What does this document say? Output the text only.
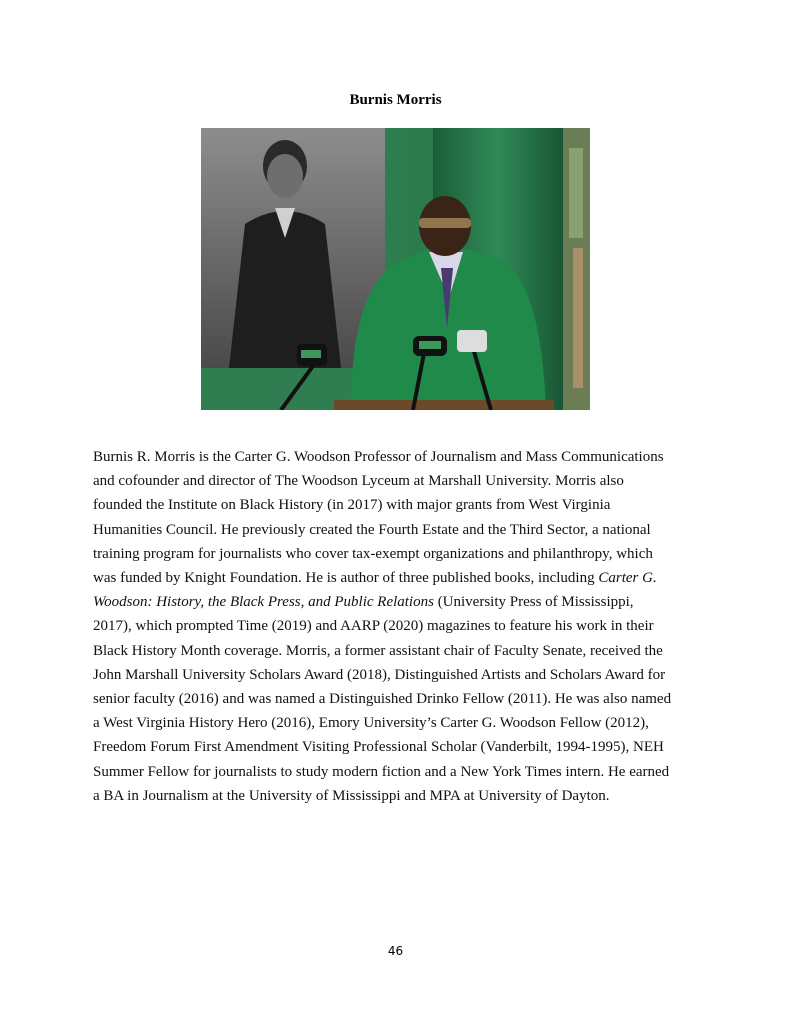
Burnis Morris
Burnis R. Morris is the Carter G. Woodson Professor of Journalism and Mass Communications
and cofounder and director of The Woodson Lyceum at Marshall University. Morris also
founded the Institute on Black History (in 2017) with major grants from West Virginia
Humanities Council. He previously created the Fourth Estate and the Third Sector, a national
training program for journalists who cover tax-exempt organizations and philanthropy, which
was funded by Knight Foundation. He is author of three published books, including Carter G.
Woodson: History, the Black Press, and Public Relations (University Press of Mississippi,
2017), which prompted Time (2019) and AARP (2020) magazines to feature his work in their
Black History Month coverage. Morris, a former assistant chair of Faculty Senate, received the
John Marshall University Scholars Award (2018), Distinguished Artists and Scholars Award for
senior faculty (2016) and was named a Distinguished Drinko Fellow (2011). He was also named
a West Virginia History Hero (2016), Emory University’s Carter G. Woodson Fellow (2012),
Freedom Forum First Amendment Visiting Professional Scholar (Vanderbilt, 1994-1995), NEH
Summer Fellow for journalists to study modern fiction and a New York Times intern. He earned
a BA in Journalism at the University of Mississippi and MPA at University of Dayton.
46
